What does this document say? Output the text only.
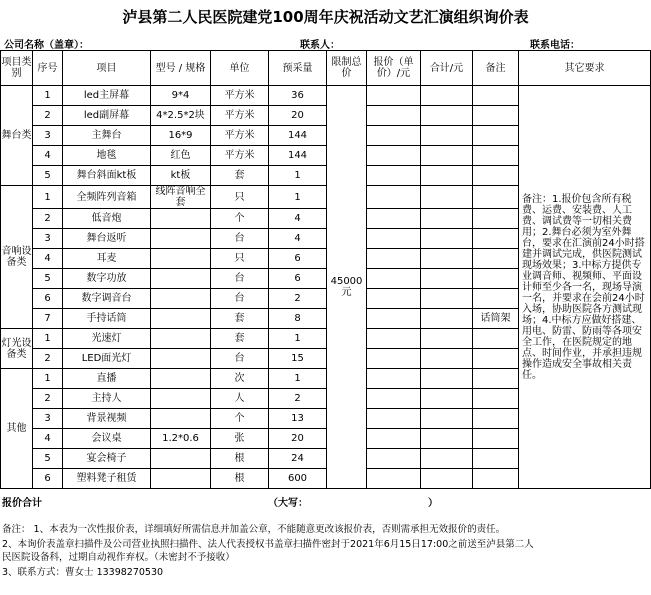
泸县第二人民医院建党100周年庆祝活动文艺汇演组织询价表
公司名称（盖章）：	联系人：	联系电话：
项目类别	序号	项目	型号 / 规格	单位	预采量	限制总价	报价（单价）/元	合计/元	备注	其它要求
舞台类	1	led主屏幕	9*4	平方米	36	45000元				备注：1.报价包含所有税费、运费、安装费、人工费、调试费等一切相关费用；2.舞台必须为室外舞台，要求在汇演前24小时搭建并调试完成，供医院测试现场效果；3.中标方提供专业调音师、视频师、平面设计师至少各一名，现场导演一名，并要求在会前24小时入场，协助医院各方测试现场；4.中标方应做好搭建、用电、防雷、防雨等各项安全工作，在医院规定的地点、时间作业，并承担违规操作造成安全事故相关责任。
	2	led副屏幕	4*2.5*2块	平方米	20					
	3	主舞台	16*9	平方米	144					
	4	地毯	红色	平方米	144					
	5	舞台斜面kt板	kt板	套	1					
音响设备类	1	全频阵列音箱	线阵音响全套	只	1					
	2	低音炮		个	4					
	3	舞台返听		台	4					
	4	耳麦		只	6					
	5	数字功放		台	6					
	6	数字调音台		台	2					
	7	手持话筒		套	8				话筒架	
灯光设备类	1	光速灯		套	1					
	2	LED面光灯		台	15					
其他	1	直播		次	1					
	2	主持人		人	2					
	3	背景视频		个	13					
	4	会议桌	1.2*0.6	张	20					
	5	宴会椅子		根	24					
	6	塑料凳子租赁		根	600					
报价合计	（大写：	）
备注： 1、本表为一次性报价表，详细填好所需信息并加盖公章，不能随意更改该报价表，否则需承担无效报价的责任。
2、本询价表盖章扫描件及公司营业执照扫描件、法人代表授权书盖章扫描件密封于2021年6月15日17:00之前送至泸县第二人
民医院设备科，过期自动视作弃权。（未密封不予接收）
3、联系方式：曹女士 13398270530
